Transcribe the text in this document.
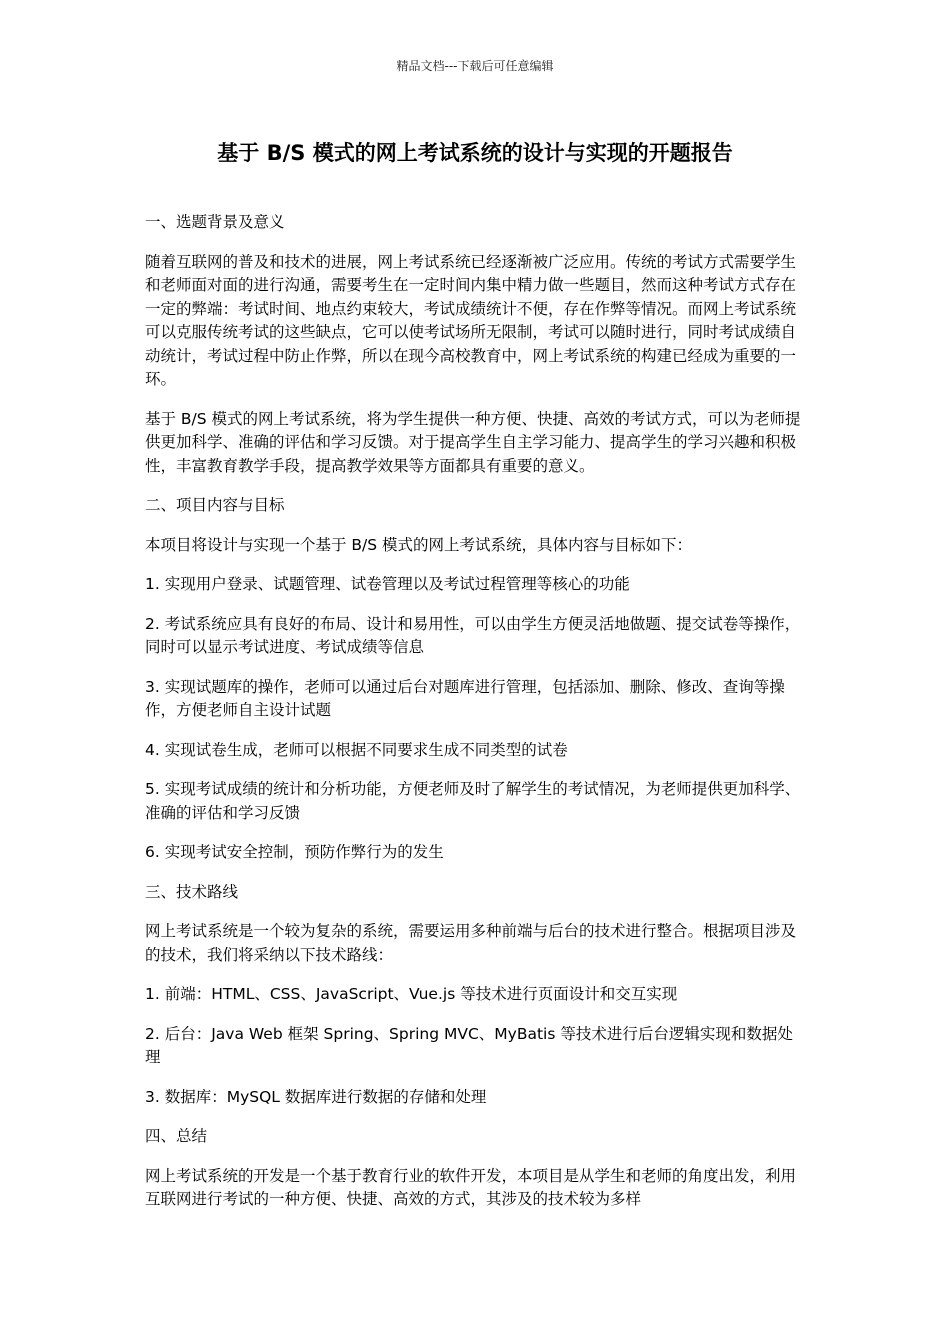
精品文档---下载后可任意编辑
基于 B/S 模式的网上考试系统的设计与实现的开题报告

一、选题背景及意义

随着互联网的普及和技术的进展，网上考试系统已经逐渐被广泛应用。传统的考试方式需要学生和老师面对面的进行沟通，需要考生在一定时间内集中精力做一些题目，然而这种考试方式存在一定的弊端：考试时间、地点约束较大，考试成绩统计不便，存在作弊等情况。而网上考试系统可以克服传统考试的这些缺点，它可以使考试场所无限制，考试可以随时进行，同时考试成绩自动统计，考试过程中防止作弊，所以在现今高校教育中，网上考试系统的构建已经成为重要的一环。

基于 B/S 模式的网上考试系统，将为学生提供一种方便、快捷、高效的考试方式，可以为老师提供更加科学、准确的评估和学习反馈。对于提高学生自主学习能力、提高学生的学习兴趣和积极性，丰富教育教学手段，提高教学效果等方面都具有重要的意义。

二、项目内容与目标

本项目将设计与实现一个基于 B/S 模式的网上考试系统，具体内容与目标如下：

1. 实现用户登录、试题管理、试卷管理以及考试过程管理等核心的功能

2. 考试系统应具有良好的布局、设计和易用性，可以由学生方便灵活地做题、提交试卷等操作，同时可以显示考试进度、考试成绩等信息

3. 实现试题库的操作，老师可以通过后台对题库进行管理，包括添加、删除、修改、查询等操作，方便老师自主设计试题

4. 实现试卷生成，老师可以根据不同要求生成不同类型的试卷

5. 实现考试成绩的统计和分析功能，方便老师及时了解学生的考试情况，为老师提供更加科学、准确的评估和学习反馈

6. 实现考试安全控制，预防作弊行为的发生

三、技术路线

网上考试系统是一个较为复杂的系统，需要运用多种前端与后台的技术进行整合。根据项目涉及的技术，我们将采纳以下技术路线：

1. 前端：HTML、CSS、JavaScript、Vue.js 等技术进行页面设计和交互实现

2. 后台：Java Web 框架 Spring、Spring MVC、MyBatis 等技术进行后台逻辑实现和数据处理

3. 数据库：MySQL 数据库进行数据的存储和处理

四、总结

网上考试系统的开发是一个基于教育行业的软件开发，本项目是从学生和老师的角度出发，利用互联网进行考试的一种方便、快捷、高效的方式，其涉及的技术较为多样
